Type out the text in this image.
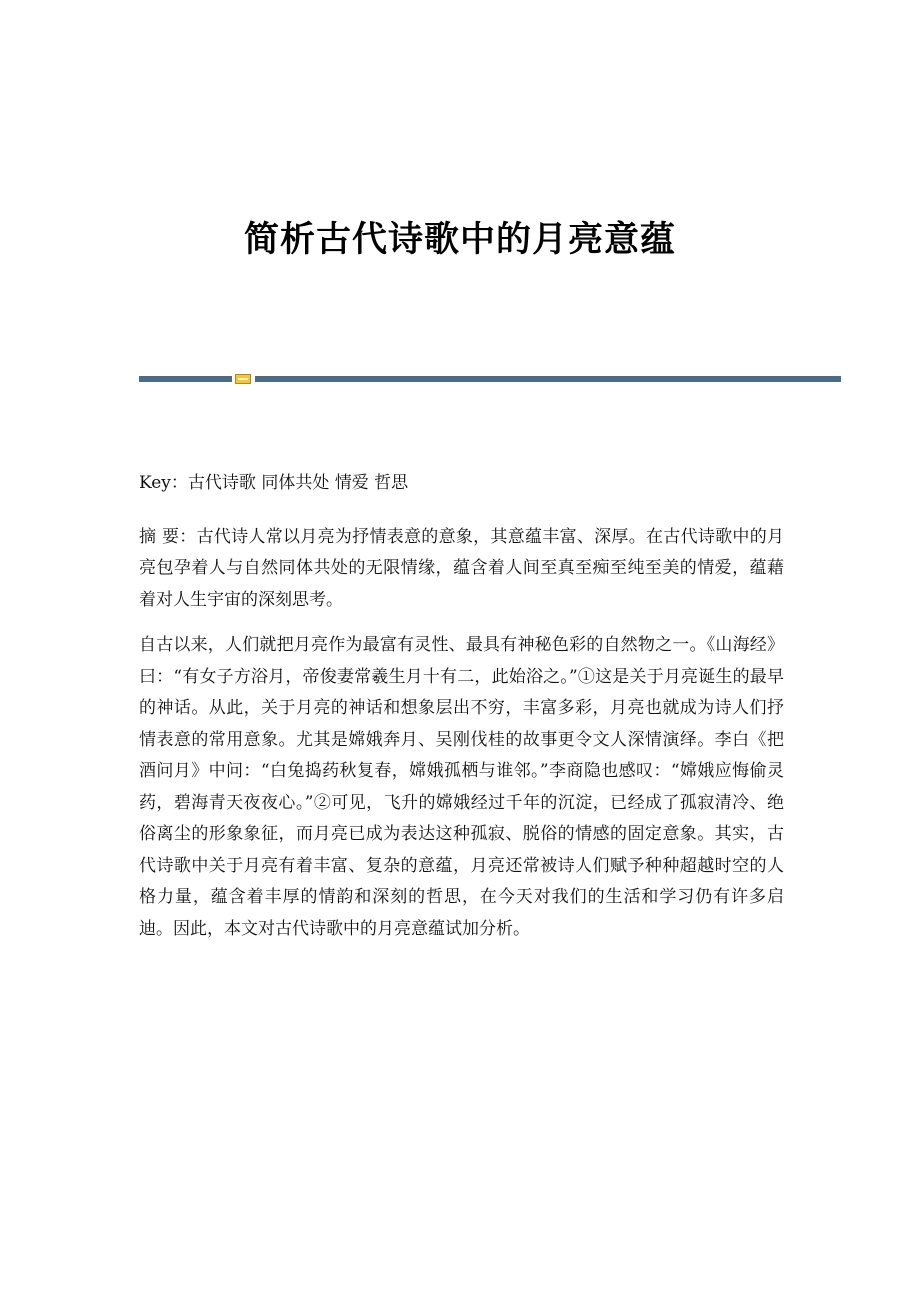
简析古代诗歌中的月亮意蕴

Key：古代诗歌 同体共处 情爱 哲思

摘 要：古代诗人常以月亮为抒情表意的意象，其意蕴丰富、深厚。在古代诗歌中的月亮包孕着人与自然同体共处的无限情缘，蕴含着人间至真至痴至纯至美的情爱，蕴藉着对人生宇宙的深刻思考。

自古以来，人们就把月亮作为最富有灵性、最具有神秘色彩的自然物之一。《山海经》曰：“有女子方浴月，帝俊妻常羲生月十有二，此始浴之。”①这是关于月亮诞生的最早的神话。从此，关于月亮的神话和想象层出不穷，丰富多彩，月亮也就成为诗人们抒情表意的常用意象。尤其是嫦娥奔月、吴刚伐桂的故事更令文人深情演绎。李白《把酒问月》中问：“白兔捣药秋复春，嫦娥孤栖与谁邻。”李商隐也感叹：“嫦娥应悔偷灵药，碧海青天夜夜心。”②可见，飞升的嫦娥经过千年的沉淀，已经成了孤寂清冷、绝俗离尘的形象象征，而月亮已成为表达这种孤寂、脱俗的情感的固定意象。其实，古代诗歌中关于月亮有着丰富、复杂的意蕴，月亮还常被诗人们赋予种种超越时空的人格力量，蕴含着丰厚的情韵和深刻的哲思，在今天对我们的生活和学习仍有许多启迪。因此，本文对古代诗歌中的月亮意蕴试加分析。
